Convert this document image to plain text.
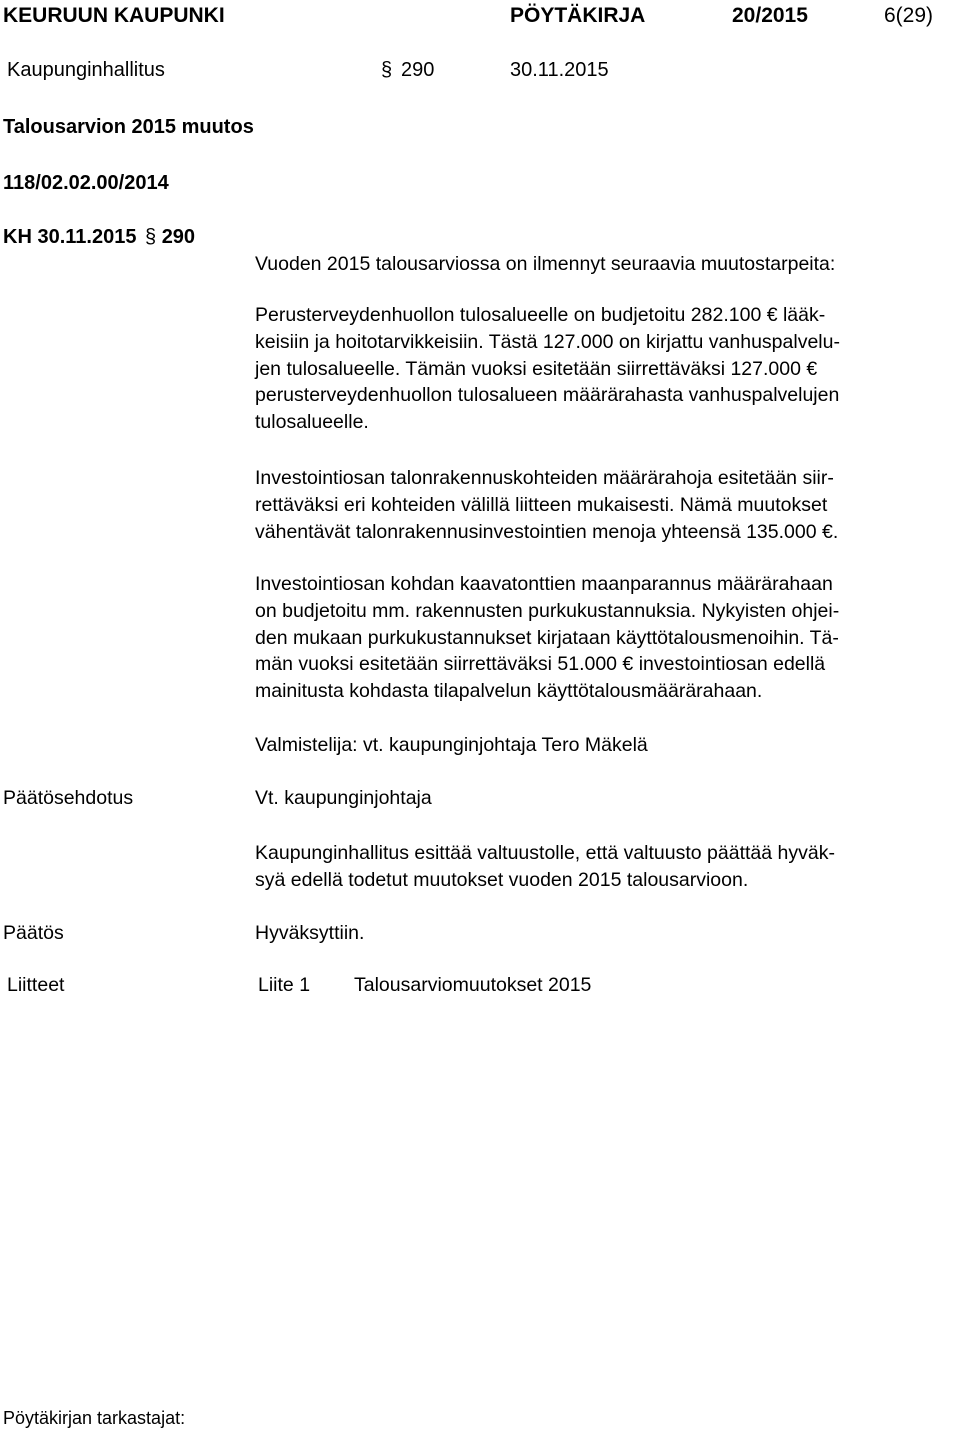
KEURUUN KAUPUNKI	PÖYTÄKIRJA	20/2015	6(29)
Kaupunginhallitus	§ 290	30.11.2015
Talousarvion 2015 muutos
118/02.02.00/2014
KH 30.11.2015 § 290
Vuoden 2015 talousarviossa on ilmennyt seuraavia muutostarpeita:
Perusterveydenhuollon tulosalueelle on budjetoitu 282.100 € lääk-
keisiin ja hoitotarvikkeisiin. Tästä 127.000 on kirjattu vanhuspalvelu-
jen tulosalueelle. Tämän vuoksi esitetään siirrettäväksi 127.000 €
perusterveydenhuollon tulosalueen määrärahasta vanhuspalvelujen
tulosalueelle.
Investointiosan talonrakennuskohteiden määrärahoja esitetään siir-
rettäväksi eri kohteiden välillä liitteen mukaisesti. Nämä muutokset
vähentävät talonrakennusinvestointien menoja yhteensä 135.000 €.
Investointiosan kohdan kaavatonttien maanparannus määrärahaan
on budjetoitu mm. rakennusten purkukustannuksia. Nykyisten ohjei-
den mukaan purkukustannukset kirjataan käyttötalousmenoihin. Tä-
män vuoksi esitetään siirrettäväksi 51.000 € investointiosan edellä
mainitusta kohdasta tilapalvelun käyttötalousmäärärahaan.
Valmistelija: vt. kaupunginjohtaja Tero Mäkelä
Päätösehdotus	Vt. kaupunginjohtaja
Kaupunginhallitus esittää valtuustolle, että valtuusto päättää hyväk-
syä edellä todetut muutokset vuoden 2015 talousarvioon.
Päätös	Hyväksyttiin.
Liitteet	Liite 1 Talousarviomuutokset 2015
Pöytäkirjan tarkastajat:
